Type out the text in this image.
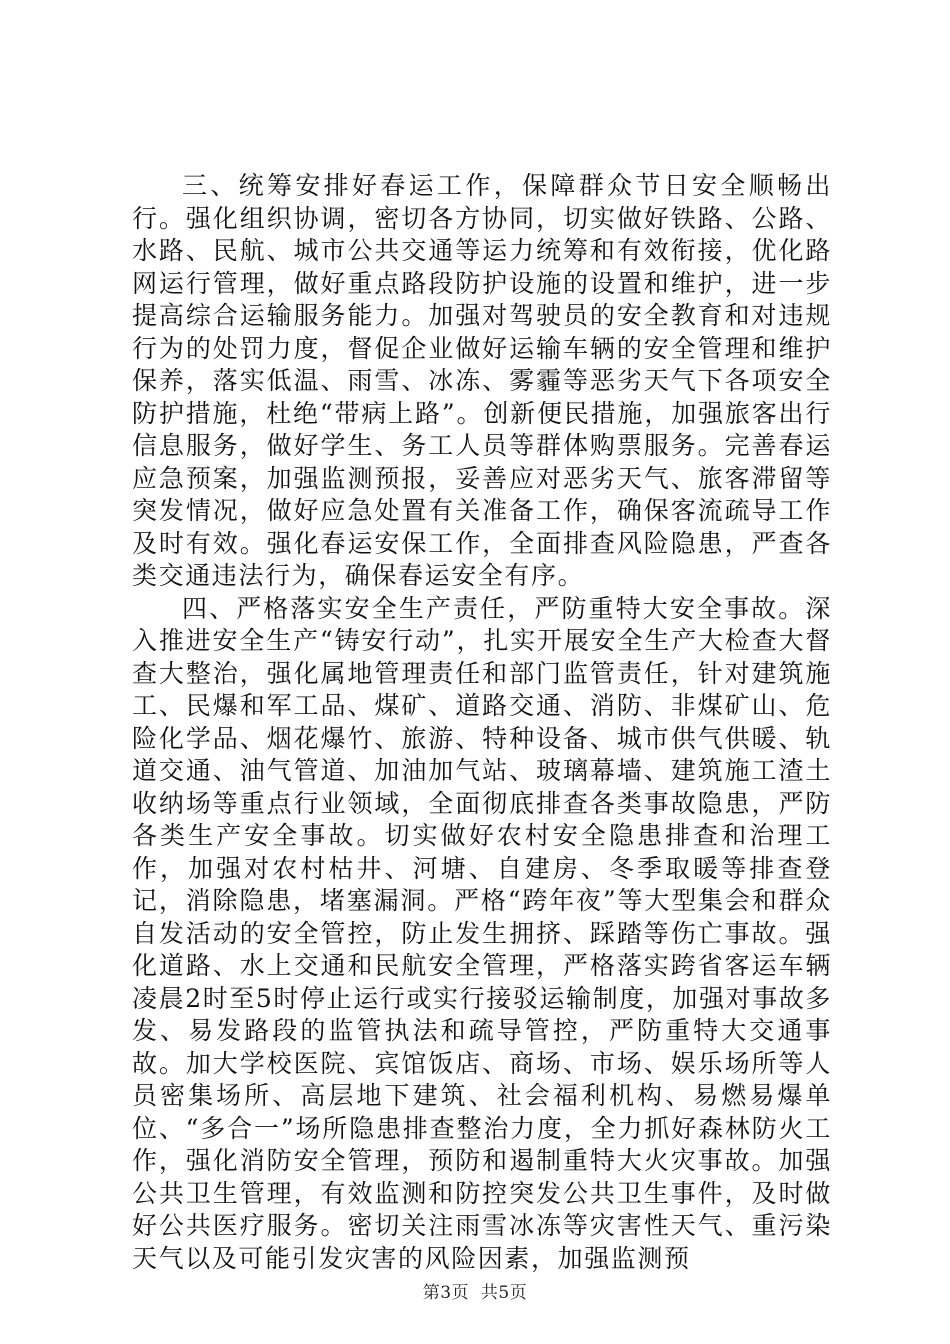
三、统筹安排好春运工作，保障群众节日安全顺畅出行。强化组织协调，密切各方协同，切实做好铁路、公路、水路、民航、城市公共交通等运力统筹和有效衔接，优化路网运行管理，做好重点路段防护设施的设置和维护，进一步提高综合运输服务能力。加强对驾驶员的安全教育和对违规行为的处罚力度，督促企业做好运输车辆的安全管理和维护保养，落实低温、雨雪、冰冻、雾霾等恶劣天气下各项安全防护措施，杜绝“带病上路”。创新便民措施，加强旅客出行信息服务，做好学生、务工人员等群体购票服务。完善春运应急预案，加强监测预报，妥善应对恶劣天气、旅客滞留等突发情况，做好应急处置有关准备工作，确保客流疏导工作及时有效。强化春运安保工作，全面排查风险隐患，严查各类交通违法行为，确保春运安全有序。

四、严格落实安全生产责任，严防重特大安全事故。深入推进安全生产“铸安行动”，扎实开展安全生产大检查大督查大整治，强化属地管理责任和部门监管责任，针对建筑施工、民爆和军工品、煤矿、道路交通、消防、非煤矿山、危险化学品、烟花爆竹、旅游、特种设备、城市供气供暖、轨道交通、油气管道、加油加气站、玻璃幕墙、建筑施工渣土收纳场等重点行业领域，全面彻底排查各类事故隐患，严防各类生产安全事故。切实做好农村安全隐患排查和治理工作，加强对农村枯井、河塘、自建房、冬季取暖等排查登记，消除隐患，堵塞漏洞。严格“跨年夜”等大型集会和群众自发活动的安全管控，防止发生拥挤、踩踏等伤亡事故。强化道路、水上交通和民航安全管理，严格落实跨省客运车辆凌晨2时至5时停止运行或实行接驳运输制度，加强对事故多发、易发路段的监管执法和疏导管控，严防重特大交通事故。加大学校医院、宾馆饭店、商场、市场、娱乐场所等人员密集场所、高层地下建筑、社会福利机构、易燃易爆单位、“多合一”场所隐患排查整治力度，全力抓好森林防火工作，强化消防安全管理，预防和遏制重特大火灾事故。加强公共卫生管理，有效监测和防控突发公共卫生事件，及时做好公共医疗服务。密切关注雨雪冰冻等灾害性天气、重污染天气以及可能引发灾害的风险因素，加强监测预

第3页 共5页
